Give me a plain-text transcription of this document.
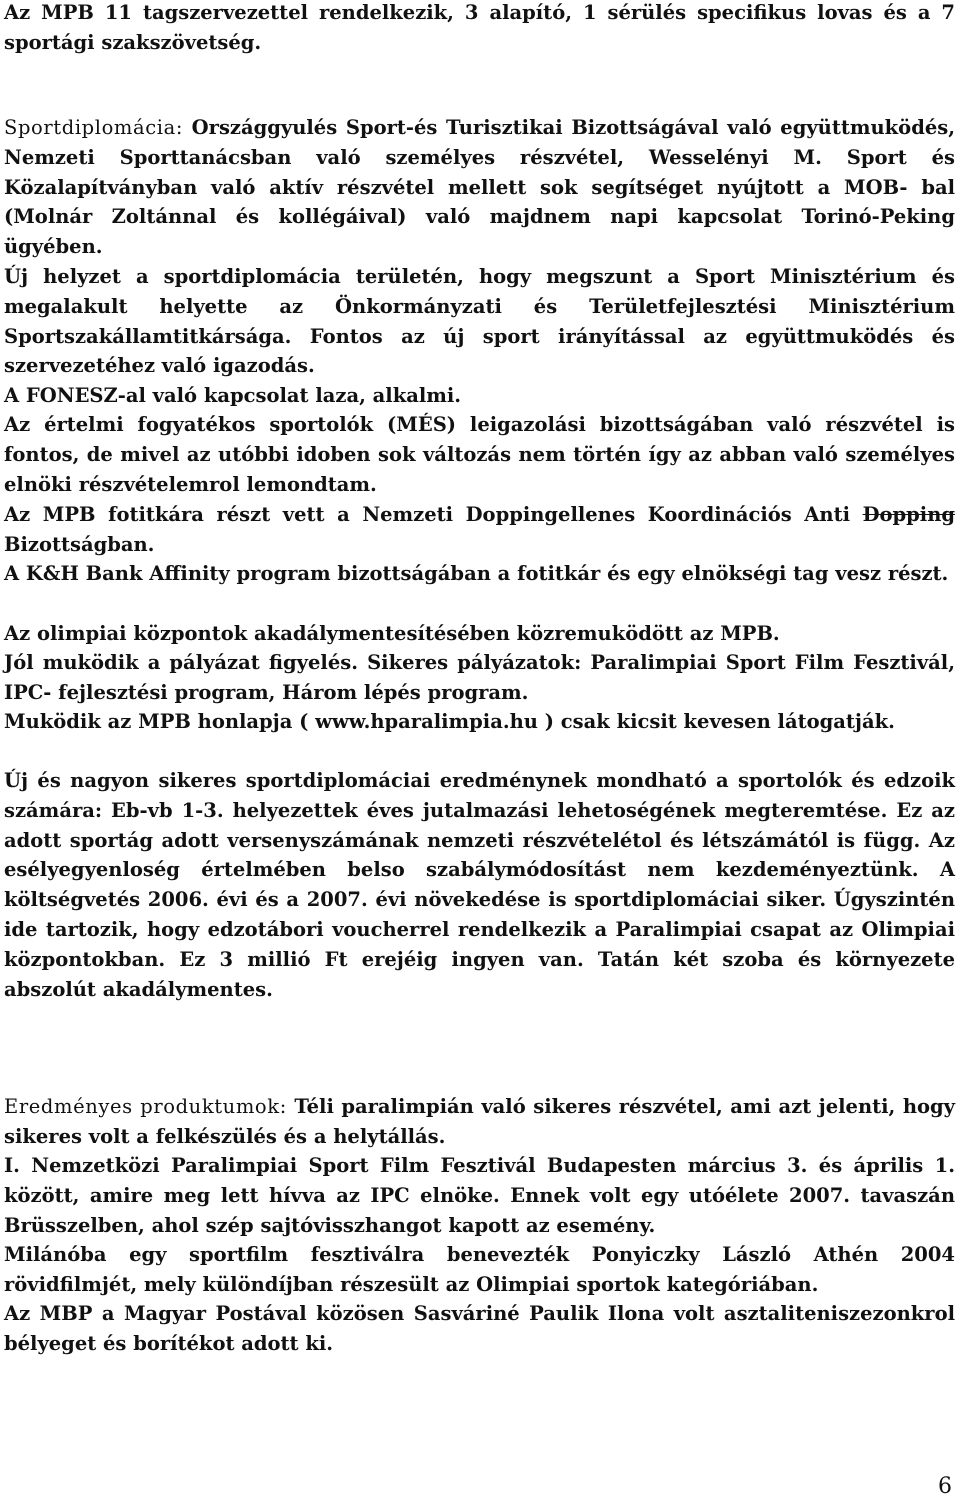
Az MPB 11 tagszervezettel rendelkezik, 3 alapító, 1 sérülés specifikus lovas és a 7 sportági szakszövetség.

Sportdiplomácia: Országgyulés Sport-és Turisztikai Bizottságával való együttmuködés, Nemzeti Sporttanácsban való személyes részvétel, Wesselényi M. Sport és Közalapítványban való aktív részvétel mellett sok segítséget nyújtott a MOB- bal (Molnár Zoltánnal és kollégáival) való majdnem napi kapcsolat Torinó-Peking ügyében.

Új helyzet a sportdiplomácia területén, hogy megszunt a Sport Minisztérium és megalakult helyette az Önkormányzati és Területfejlesztési Minisztérium Sportszakállamtitkársága. Fontos az új sport irányítással az együttmuködés és szervezetéhez való igazodás.

A FONESZ-al való kapcsolat laza, alkalmi.

Az értelmi fogyatékos sportolók (MÉS) leigazolási bizottságában való részvétel is fontos, de mivel az utóbbi idoben sok változás nem történ így az abban való személyes elnöki részvételemrol lemondtam.

Az MPB fotitkára részt vett a Nemzeti Doppingellenes Koordinációs Anti Dopping Bizottságban.

A K&H Bank Affinity program bizottságában a fotitkár és egy elnökségi tag vesz részt.

Az olimpiai központok akadálymentesítésében közremuködött az MPB.

Jól muködik a pályázat figyelés. Sikeres pályázatok: Paralimpiai Sport Film Fesztivál, IPC- fejlesztési program, Három lépés program.

Muködik az MPB honlapja ( www.hparalimpia.hu ) csak kicsit kevesen látogatják.

Új és nagyon sikeres sportdiplomáciai eredménynek mondható a sportolók és edzoik számára: Eb-vb 1-3. helyezettek éves jutalmazási lehetoségének megteremtése. Ez az adott sportág adott versenyszámának nemzeti részvételétol és létszámától is függ. Az esélyegyenloség értelmében belso szabálymódosítást nem kezdeményeztünk. A költségvetés 2006. évi és a 2007. évi növekedése is sportdiplomáciai siker. Úgyszintén ide tartozik, hogy edzotábori voucherrel rendelkezik a Paralimpiai csapat az Olimpiai központokban. Ez 3 millió Ft erejéig ingyen van. Tatán két szoba és környezete abszolút akadálymentes.

Eredményes produktumok: Téli paralimpián való sikeres részvétel, ami azt jelenti, hogy sikeres volt a felkészülés és a helytállás.

I. Nemzetközi Paralimpiai Sport Film Fesztivál Budapesten március 3. és április 1. között, amire meg lett hívva az IPC elnöke. Ennek volt egy utóélete 2007. tavaszán Brüsszelben, ahol szép sajtóvisszhangot kapott az esemény.

Milánóba egy sportfilm fesztiválra benevezték Ponyiczky László Athén 2004 rövidfilmjét, mely különdíjban részesült az Olimpiai sportok kategóriában.

Az MBP a Magyar Postával közösen Sasváriné Paulik Ilona volt asztaliteniszezonkrol bélyeget és borítékot adott ki.

6
